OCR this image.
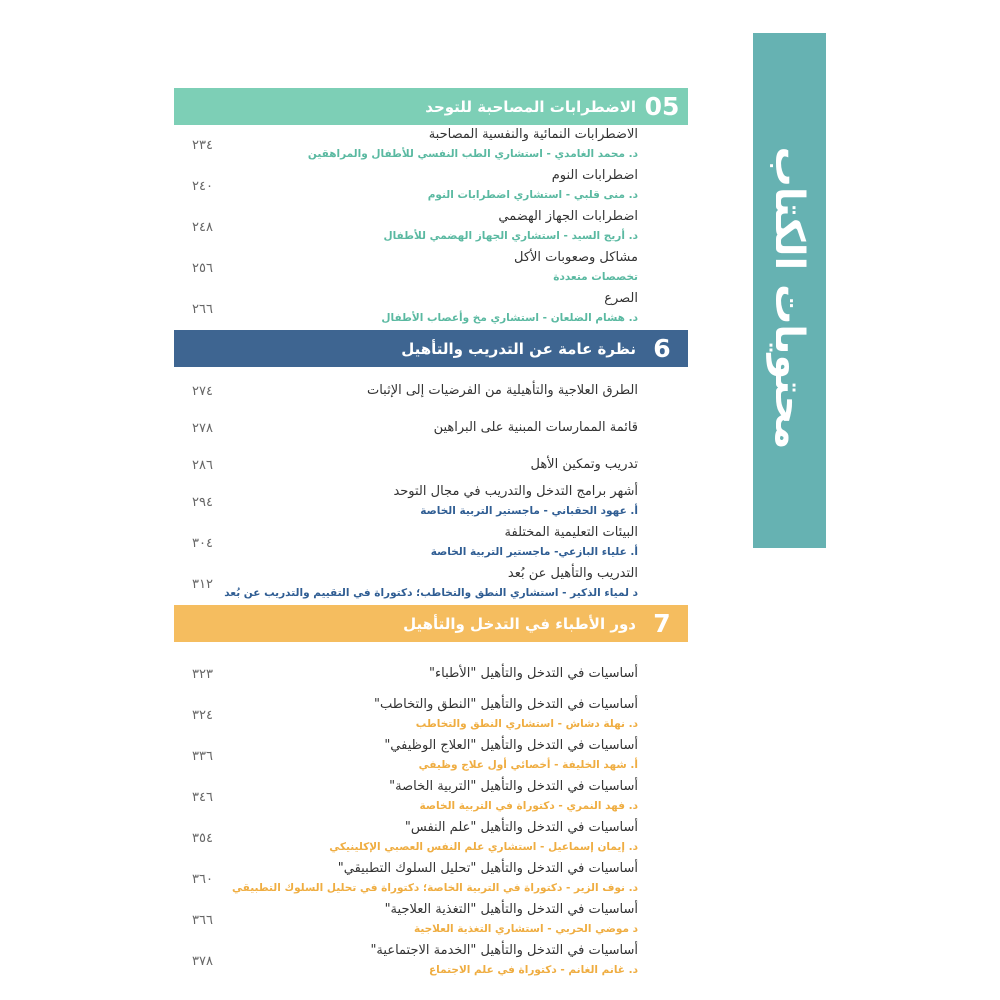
محتويات الكتاب
05
الاضطرابات المصاحبة للتوحد
الاضطرابات النمائية والنفسية المصاحبة
د. محمد الغامدي - استشاري الطب النفسي للأطفال والمراهقين
٢٣٤
اضطرابات النوم
د. منى قلبي - استشاري اضطرابات النوم
٢٤٠
اضطرابات الجهاز الهضمي
د. أريج السيد - استشاري الجهاز الهضمي للأطفال
٢٤٨
مشاكل وصعوبات الأكل
تخصصات متعددة
٢٥٦
الصرع
د. هشام الضلعان - استشاري مخ وأعصاب الأطفال
٢٦٦
6
نظرة عامة عن التدريب والتأهيل
الطرق العلاجية والتأهيلية من الفرضيات إلى الإثبات
٢٧٤
قائمة الممارسات المبنية على البراهين
٢٧٨
تدريب وتمكين الأهل
٢٨٦
أشهر برامج التدخل والتدريب في مجال التوحد
أ. عهود الحقباني - ماجستير التربية الخاصة
٢٩٤
البيئات التعليمية المختلفة
أ. علياء البازعي- ماجستير التربية الخاصة
٣٠٤
التدريب والتأهيل عن بُعد
د لمياء الذكير - استشاري النطق والتخاطب؛ دكتوراة في التقييم والتدريب عن بُعد
٣١٢
7
دور الأطباء في التدخل والتأهيل
أساسيات في التدخل والتأهيل "الأطباء"
٣٢٣
أساسيات في التدخل والتأهيل "النطق والتخاطب"
د. نهلة دشاش - استشاري النطق والتخاطب
٣٢٤
أساسيات في التدخل والتأهيل "العلاج الوظيفي"
أ. شهد الخليفة - أخصائي أول علاج وظيفي
٣٣٦
أساسيات في التدخل والتأهيل "التربية الخاصة"
د. فهد النمري - دكتوراة في التربية الخاصة
٣٤٦
أساسيات في التدخل والتأهيل "علم النفس"
د. إيمان إسماعيل - استشاري علم النفس العصبي الإكلينيكي
٣٥٤
أساسيات في التدخل والتأهيل "تحليل السلوك التطبيقي"
د. نوف الزير - دكتوراة في التربية الخاصة؛ دكتوراة في تحليل السلوك التطبيقي
٣٦٠
أساسيات في التدخل والتأهيل "التغذية العلاجية"
د موضي الحربي - استشاري التغذية العلاجية
٣٦٦
أساسيات في التدخل والتأهيل "الخدمة الاجتماعية"
د. غانم الغانم - دكتوراة في علم الاجتماع
٣٧٨
